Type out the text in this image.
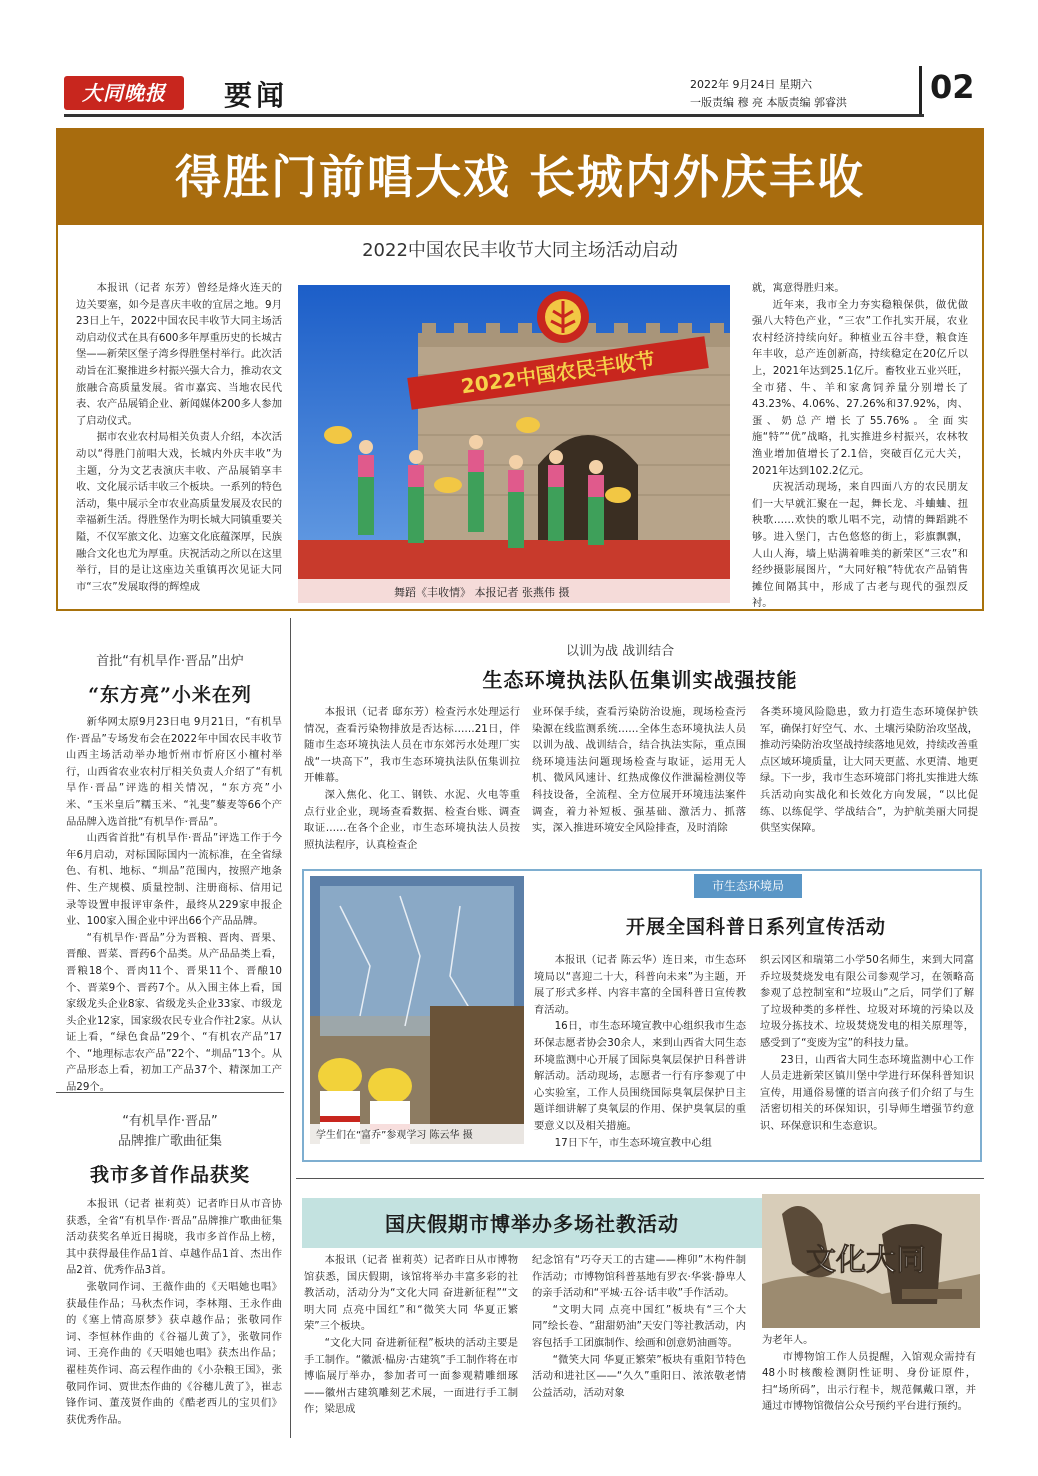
大同晚报	要闻	2022年 9月24日 星期六
一版责编 穆 亮 本版责编 郭睿洪	02
得胜门前唱大戏 长城内外庆丰收
2022中国农民丰收节大同主场活动启动

本报讯（记者 东芳）曾经是烽火连天的边关要塞，如今是喜庆丰收的宜居之地。9月23日上午，2022中国农民丰收节大同主场活动启动仪式在具有600多年厚重历史的长城古堡——新荣区堡子湾乡得胜堡村举行。此次活动旨在汇聚推进乡村振兴强大合力，推动农文旅融合高质量发展。省市嘉宾、当地农民代表、农产品展销企业、新闻媒体200多人参加了启动仪式。

据市农业农村局相关负责人介绍，本次活动以“得胜门前唱大戏，长城内外庆丰收”为主题，分为文艺表演庆丰收、产品展销享丰收、文化展示话丰收三个板块。一系列的特色活动，集中展示全市农业高质量发展及农民的幸福新生活。得胜堡作为明长城大同镇重要关隘，不仅军旅文化、边塞文化底蕴深厚，民族融合文化也尤为厚重。庆祝活动之所以在这里举行，目的是让这座边关重镇再次见证大同市“三农”发展取得的辉煌成

2022中国农民丰收节
舞蹈《丰收情》 本报记者 张燕伟 摄

就，寓意得胜归来。

近年来，我市全力夯实稳粮保供，做优做强八大特色产业，“三农”工作扎实开展，农业农村经济持续向好。种植业五谷丰登，粮食连年丰收，总产连创新高，持续稳定在20亿斤以上，2021年达到25.1亿斤。畜牧业五业兴旺，全市猪、牛、羊和家禽饲养量分别增长了43.23%、4.06%、27.26%和37.92%，肉、蛋、奶总产增长了55.76%。全面实施“特”“优”战略，扎实推进乡村振兴，农林牧渔业增加值增长了2.1倍，突破百亿元大关，2021年达到102.2亿元。

庆祝活动现场，来自四面八方的农民朋友们一大早就汇聚在一起，舞长龙、斗蛐蛐、扭秧歌……欢快的歌儿唱不完，动情的舞蹈跳不够。进入堡门，古色悠悠的街上，彩旗飘飘，人山人海，墙上贴满着唯美的新荣区“三农”和经纱摄影展图片，“大同好粮”特优农产品销售摊位间隔其中，形成了古老与现代的强烈反衬。

首批“有机旱作·晋品”出炉
“东方亮”小米在列

新华网太原9月23日电 9月21日，“有机旱作·晋品”专场发布会在2022年中国农民丰收节山西主场活动举办地忻州市忻府区小檀村举行，山西省农业农村厅相关负责人介绍了“有机旱作·晋品”评选的相关情况，“东方亮”小米、“玉米皇后”糯玉米、“礼斐”藜麦等66个产品品牌入选首批“有机旱作·晋品”。

山西省首批“有机旱作·晋品”评选工作于今年6月启动，对标国际国内一流标准，在全省绿色、有机、地标、“圳品”范围内，按照产地条件、生产规模、质量控制、注册商标、信用记录等设置申报评审条件，最终从229家申报企业、100家入围企业中评出66个产品品牌。

“有机旱作·晋品”分为晋粮、晋肉、晋果、晋酿、晋菜、晋药6个品类。从产品品类上看，晋粮18个、晋肉11个、晋果11个、晋酿10个、晋菜9个、晋药7个。从入围主体上看，国家级龙头企业8家、省级龙头企业33家、市级龙头企业12家，国家级农民专业合作社2家。从认证上看，“绿色食品”29个、“有机农产品”17个、“地理标志农产品”22个、“圳品”13个。从产品形态上看，初加工产品37个、精深加工产品29个。

“有机旱作·晋品”
品牌推广歌曲征集
我市多首作品获奖

本报讯（记者 崔莉英）记者昨日从市音协获悉，全省“有机旱作·晋品”品牌推广歌曲征集活动获奖名单近日揭晓，我市多首作品上榜，其中获得最佳作品1首、卓越作品1首、杰出作品2首、优秀作品3首。

张敬同作词、王薇作曲的《天唱她也唱》获最佳作品；马秋杰作词，李林翔、王永作曲的《塞上情高原梦》获卓越作品；张敬同作词、李恒林作曲的《谷福儿黄了》，张敬同作词、王亮作曲的《天唱她也唱》获杰出作品；翟桂英作词、高云程作曲的《小杂粮王国》，张敬同作词、贾世杰作曲的《谷穗儿黄了》，崔志锋作词、董茂贤作曲的《酷老西儿的宝贝们》获优秀作品。

以训为战 战训结合
生态环境执法队伍集训实战强技能

本报讯（记者 邸东芳）检查污水处理运行情况，查看污染物排放是否达标……21日，伴随市生态环境执法人员在市东郊污水处理厂实战“一块高下”，我市生态环境执法队伍集训拉开帷幕。

深入焦化、化工、钢铁、水泥、火电等重点行业企业，现场查看数据、检查台账、调查取证……在各个企业，市生态环境执法人员按照执法程序，认真检查企

业环保手续，查看污染防治设施，现场检查污染源在线监测系统……全体生态环境执法人员以训为战、战训结合，结合执法实际，重点围绕环境违法问题现场检查与取证，运用无人机、微风风速计、红热成像仪作泄漏检测仪等科技设备，全流程、全方位展开环境违法案件调查，着力补短板、强基础、激活力、抓落实，深入推进环境安全风险排查，及时消除

各类环境风险隐患，致力打造生态环境保护铁军，确保打好空气、水、土壤污染防治攻坚战，推动污染防治攻坚战持续落地见效，持续改善重点区域环境质量，让大同天更蓝、水更清、地更绿。下一步，我市生态环境部门将扎实推进大练兵活动向实战化和长效化方向发展，“以比促练、以练促学、学战结合”，为护航美丽大同提供坚实保障。

学生们在“富乔”参观学习 陈云华 摄
市生态环境局
开展全国科普日系列宣传活动

本报讯（记者 陈云华）连日来，市生态环境局以“喜迎二十大，科普向未来”为主题，开展了形式多样、内容丰富的全国科普日宣传教育活动。

16日，市生态环境宣教中心组织我市生态环保志愿者协会30余人，来到山西省大同生态环境监测中心开展了国际臭氧层保护日科普讲解活动。活动现场，志愿者一行有序参观了中心实验室，工作人员围绕国际臭氧层保护日主题详细讲解了臭氧层的作用、保护臭氧层的重要意义以及相关措施。

17日下午，市生态环境宣教中心组

织云冈区和瑞第二小学50名师生，来到大同富乔垃圾焚烧发电有限公司参观学习，在领略高参观了总控制室和“垃圾山”之后，同学们了解了垃圾种类的多样性、垃圾对环境的污染以及垃圾分拣技术、垃圾焚烧发电的相关原理等，感受到了“变废为宝”的科技力量。

23日，山西省大同生态环境监测中心工作人员走进新荣区镇川堡中学进行环保科普知识宣传，用通俗易懂的语言向孩子们介绍了与生活密切相关的环保知识，引导师生增强节约意识、环保意识和生态意识。

国庆假期市博举办多场社教活动
文化大同

本报讯（记者 崔莉英）记者昨日从市博物馆获悉，国庆假期，该馆将举办丰富多彩的社教活动，活动分为“文化大同 奋进新征程”“文明大同 点亮中国红”和“微笑大同 华夏正繁荣”三个板块。

“文化大同 奋进新征程”板块的活动主要是手工制作。“徽派·榀房·古建筑”手工制作将在市博临展厅举办，参加者可一面参观精雕细琢——徽州古建筑雕刻艺术展，一面进行手工制作；梁思成

纪念馆有“巧夺天工的古建——榫卯”木构件制作活动；市博物馆科普基地有罗衣·华裳·静卑人的亲手活动和“平城·五谷·话丰收”手作活动。

“文明大同 点亮中国红”板块有“三个大同”绘长卷、“甜甜奶油”天安门等社教活动，内容包括手工团旗制作、绘画和创意奶油画等。

“微笑大同 华夏正繁荣”板块有重阳节特色活动和进社区——“久久”重阳日、浓浓敬老情公益活动，活动对象

为老年人。

市博物馆工作人员提醒，入馆观众需持有48小时核酸检测阴性证明、身份证原件，扫“场所码”，出示行程卡，规范佩戴口罩，并通过市博物馆微信公众号预约平台进行预约。
